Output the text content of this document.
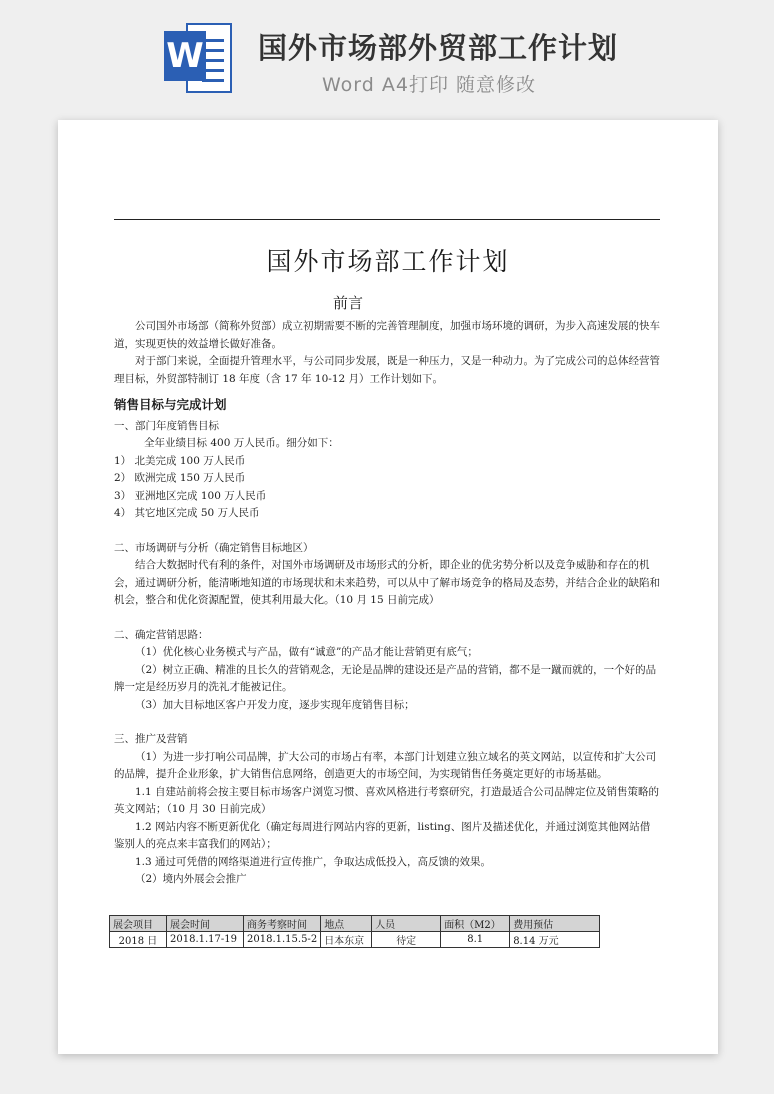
W 国外市场部外贸部工作计划
Word A4打印 随意修改
国外市场部工作计划
前言

公司国外市场部（简称外贸部）成立初期需要不断的完善管理制度，加强市场环境的调研，为步入高速发展的快车道，实现更快的效益增长做好准备。

对于部门来说，全面提升管理水平，与公司同步发展，既是一种压力，又是一种动力。为了完成公司的总体经营管理目标，外贸部特制订 18 年度（含 17 年 10-12 月）工作计划如下。

销售目标与完成计划

一、部门年度销售目标

全年业绩目标 400 万人民币。细分如下：

1） 北美完成 100 万人民币

2） 欧洲完成 150 万人民币

3） 亚洲地区完成 100 万人民币

4） 其它地区完成 50 万人民币

二、市场调研与分析（确定销售目标地区）

结合大数据时代有利的条件，对国外市场调研及市场形式的分析，即企业的优劣势分析以及竞争威胁和存在的机会，通过调研分析，能清晰地知道的市场现状和未来趋势，可以从中了解市场竞争的格局及态势，并结合企业的缺陷和机会，整合和优化资源配置，使其利用最大化。（10 月 15 日前完成）

二、确定营销思路：

（1）优化核心业务模式与产品，做有“诚意”的产品才能让营销更有底气；

（2）树立正确、精准的且长久的营销观念，无论是品牌的建设还是产品的营销，都不是一蹴而就的，一个好的品牌一定是经历岁月的洗礼才能被记住。

（3）加大目标地区客户开发力度，逐步实现年度销售目标；

三、推广及营销

（1）为进一步打响公司品牌，扩大公司的市场占有率，本部门计划建立独立域名的英文网站，以宣传和扩大公司的品牌，提升企业形象，扩大销售信息网络，创造更大的市场空间，为实现销售任务奠定更好的市场基础。

1.1 自建站前将会按主要目标市场客户浏览习惯、喜欢风格进行考察研究，打造最适合公司品牌定位及销售策略的英文网站；（10 月 30 日前完成）

1.2 网站内容不断更新优化（确定每周进行网站内容的更新，listing、图片及描述优化，并通过浏览其他网站借鉴别人的亮点来丰富我们的网站）；

1.3 通过可凭借的网络渠道进行宣传推广，争取达成低投入，高反馈的效果。

（2）境内外展会会推广

展会项目	展会时间	商务考察时间	地点	人员	面积（M2）	费用预估
2018 日	2018.1.17-19	2018.1.15.5-2	日本东京	待定	8.1	8.14 万元
